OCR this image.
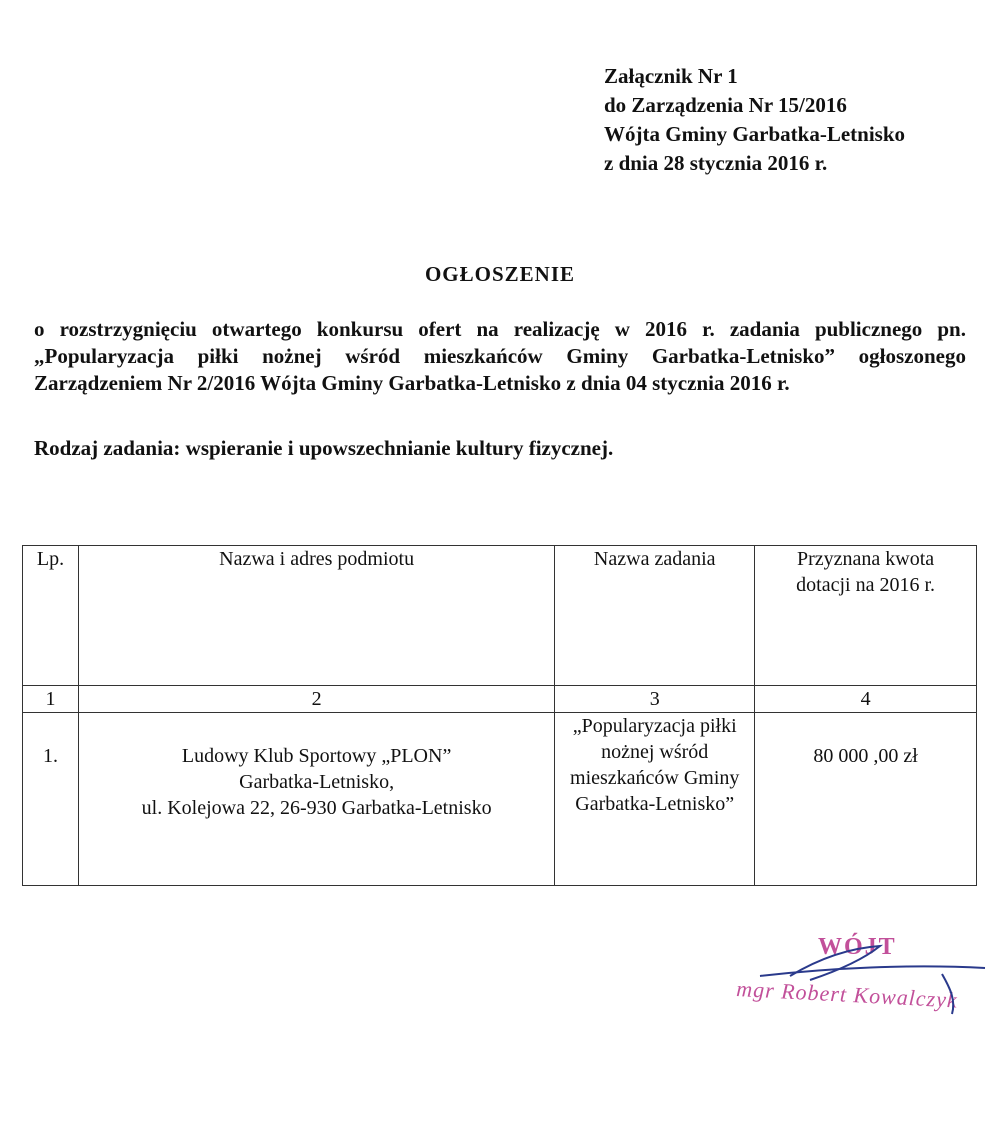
Załącznik Nr 1
do Zarządzenia Nr 15/2016
Wójta Gminy Garbatka-Letnisko
z dnia 28 stycznia 2016 r.
OGŁOSZENIE
o rozstrzygnięciu otwartego konkursu ofert na realizację w 2016 r. zadania publicznego pn. „Popularyzacja piłki nożnej wśród mieszkańców Gminy Garbatka-Letnisko” ogłoszonego Zarządzeniem Nr 2/2016 Wójta Gminy Garbatka-Letnisko z dnia 04 stycznia 2016 r.
Rodzaj zadania: wspieranie i upowszechnianie kultury fizycznej.
Lp.	Nazwa i adres podmiotu	Nazwa zadania	Przyznana kwota dotacji na 2016 r.
1	2	3	4
1.	Ludowy Klub Sportowy „PLON”
Garbatka-Letnisko,
ul. Kolejowa 22, 26-930 Garbatka-Letnisko	„Popularyzacja piłki nożnej wśród mieszkańców Gminy Garbatka-Letnisko”	80 000 ,00 zł
WÓJT
mgr Robert Kowalczyk
